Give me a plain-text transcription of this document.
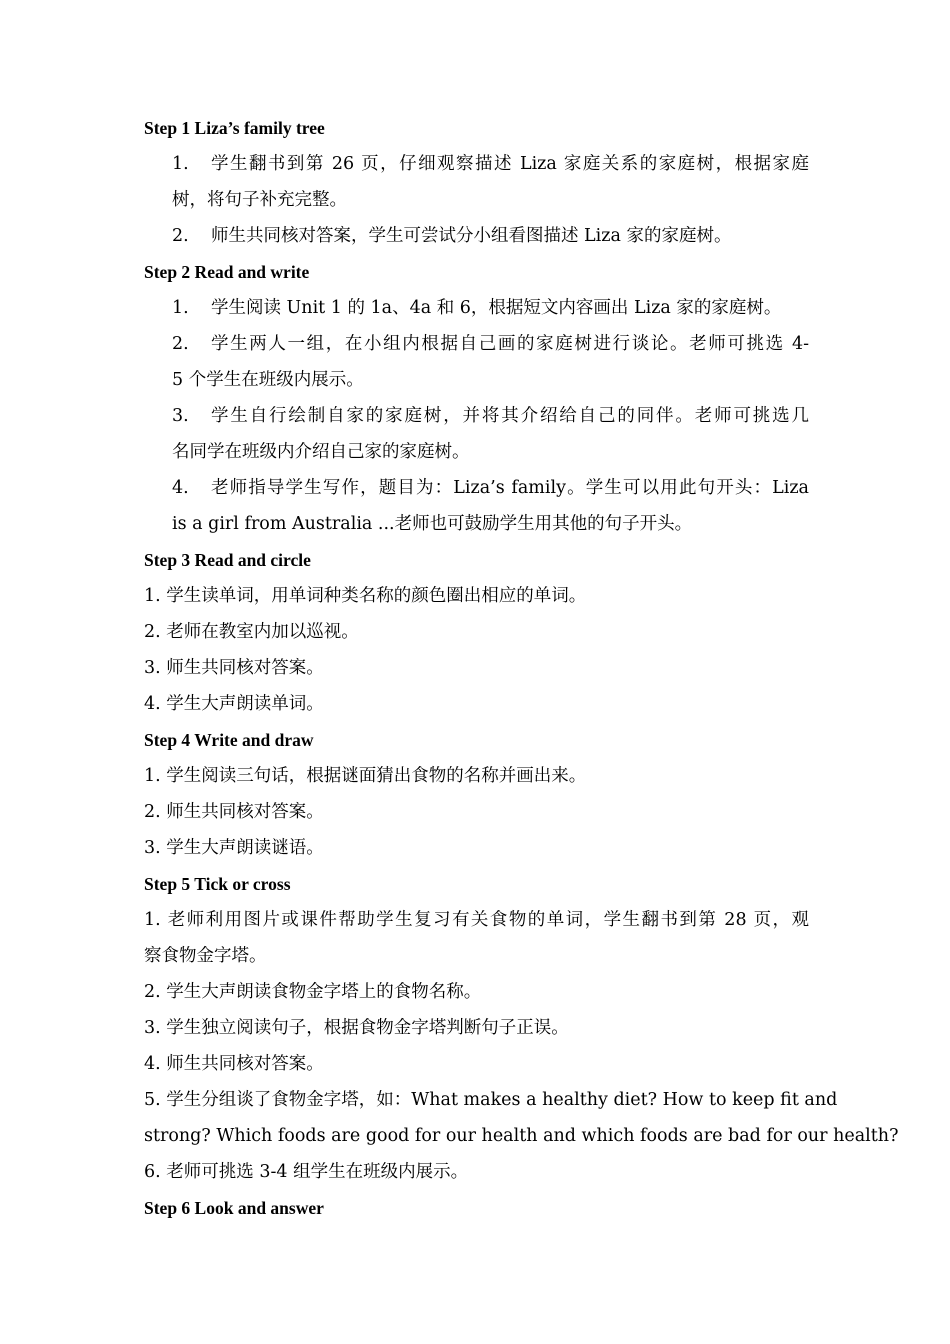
Step 1 Liza’s family tree
1. 学生翻书到第 26 页，仔细观察描述 Liza 家庭关系的家庭树，根据家庭
树，将句子补充完整。
2. 师生共同核对答案，学生可尝试分小组看图描述 Liza 家的家庭树。
Step 2 Read and write
1. 学生阅读 Unit 1 的 1a、4a 和 6，根据短文内容画出 Liza 家的家庭树。
2. 学生两人一组，在小组内根据自己画的家庭树进行谈论。老师可挑选 4-
5 个学生在班级内展示。
3. 学生自行绘制自家的家庭树，并将其介绍给自己的同伴。老师可挑选几
名同学在班级内介绍自己家的家庭树。
4. 老师指导学生写作，题目为：Liza’s family。学生可以用此句开头：Liza
is a girl from Australia ...老师也可鼓励学生用其他的句子开头。
Step 3 Read and circle
1. 学生读单词，用单词种类名称的颜色圈出相应的单词。
2. 老师在教室内加以巡视。
3. 师生共同核对答案。
4. 学生大声朗读单词。
Step 4 Write and draw
1. 学生阅读三句话，根据谜面猜出食物的名称并画出来。
2. 师生共同核对答案。
3. 学生大声朗读谜语。
Step 5 Tick or cross
1. 老师利用图片或课件帮助学生复习有关食物的单词，学生翻书到第 28 页，观
察食物金字塔。
2. 学生大声朗读食物金字塔上的食物名称。
3. 学生独立阅读句子，根据食物金字塔判断句子正误。
4. 师生共同核对答案。
5. 学生分组谈了食物金字塔，如：What makes a healthy diet? How to keep fit and
strong? Which foods are good for our health and which foods are bad for our health?
6. 老师可挑选 3-4 组学生在班级内展示。
Step 6 Look and answer
